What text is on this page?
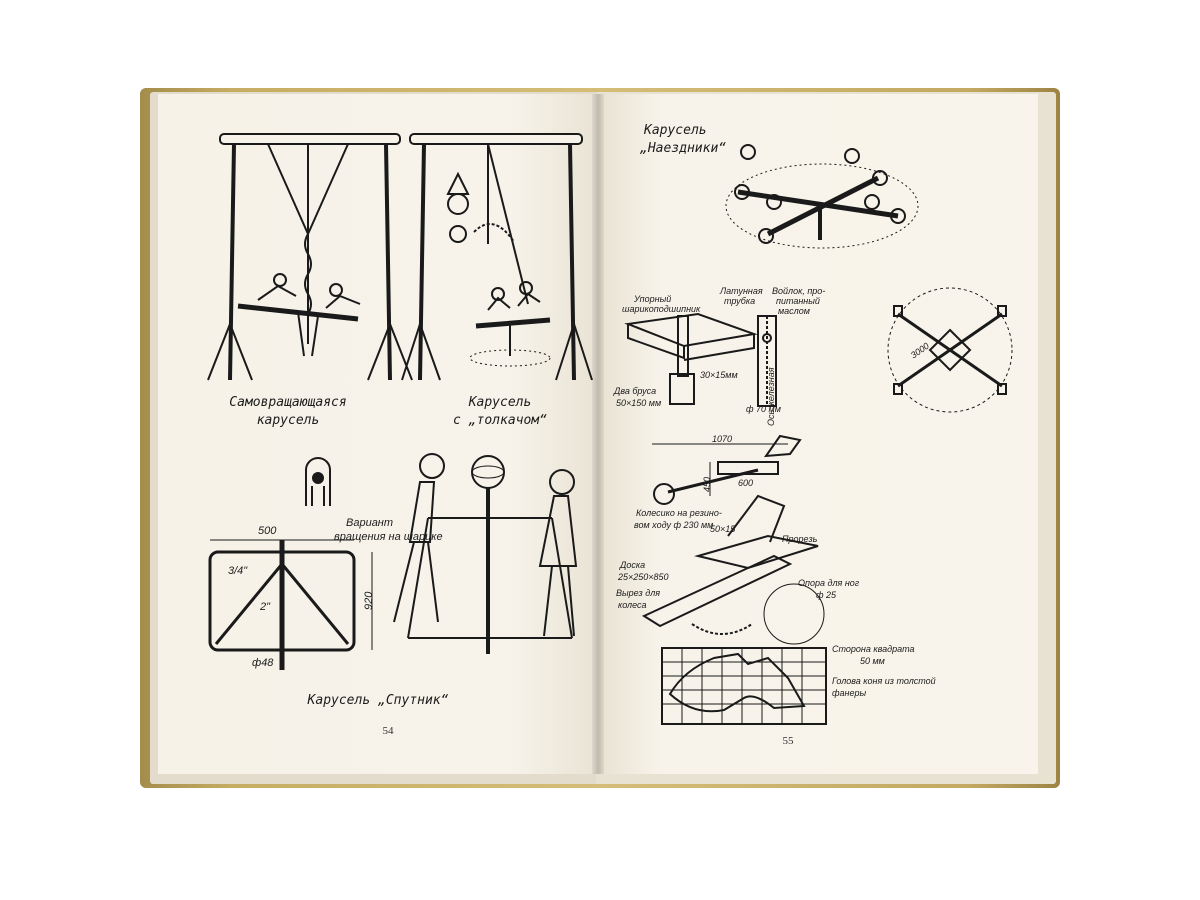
Самовращающаяся
карусель
Карусель
с „толкачом“
Вариант
вращения на шарике
500
3/4"
2"	920
ф48
Карусель „Спутник“
54
Карусель
„Наездники“
Упорный
шарикоподшипник
Латунная
трубка
Войлок, про-
питанный
маслом
Два бруса
50×150 мм
30×15мм	Ось железная
ф 70 мм
3000
1070
600
450
Колесико на резино-
вом ходу ф 230 мм
50×15
Прорезь
Доска
25×250×850
Опора для ног
ф 25
Вырез для
колеса
Сторона квадрата
50 мм
Голова коня из толстой
фанеры
55
